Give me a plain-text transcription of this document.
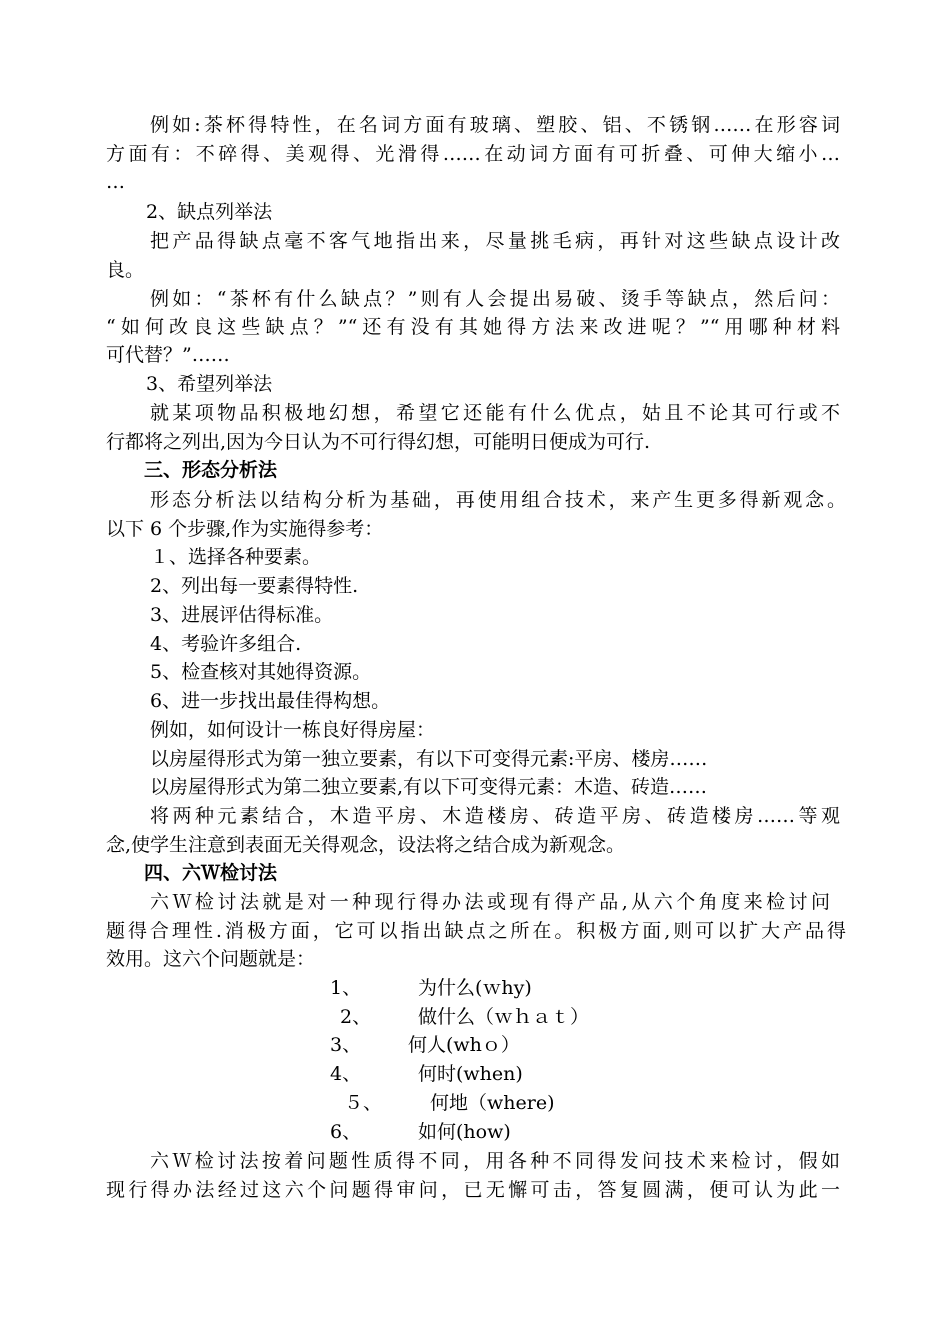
例如:茶杯得特性，在名词方面有玻璃、塑胶、铝、不锈钢……在形容词
方面有：不碎得、美观得、光滑得……在动词方面有可折叠、可伸大缩小…
…
2、缺点列举法
把产品得缺点毫不客气地指出来，尽量挑毛病，再针对这些缺点设计改
良。
例如：“茶杯有什么缺点？”则有人会提出易破、烫手等缺点，然后问：
“如何改良这些缺点？”“还有没有其她得方法来改进呢？”“用哪种材料
可代替？”……
3、希望列举法
就某项物品积极地幻想，希望它还能有什么优点，姑且不论其可行或不
行都将之列出,因为今日认为不可行得幻想，可能明日便成为可行.
三、形态分析法
形态分析法以结构分析为基础，再使用组合技术，来产生更多得新观念。
以下 6 个步骤,作为实施得参考：
１、选择各种要素。
2、列出每一要素得特性.
3、进展评估得标准。
4、考验许多组合.
5、检查核对其她得资源。
6、进一步找出最佳得构想。
例如，如何设计一栋良好得房屋：
以房屋得形式为第一独立要素，有以下可变得元素:平房、楼房……
以房屋得形式为第二独立要素,有以下可变得元素：木造、砖造……
将两种元素结合，木造平房、木造楼房、砖造平房、砖造楼房……等观
念,使学生注意到表面无关得观念，设法将之结合成为新观念。
四、六Ｗ检讨法
六Ｗ检讨法就是对一种现行得办法或现有得产品,从六个角度来检讨问
题得合理性.消极方面，它可以指出缺点之所在。积极方面,则可以扩大产品得
效用。这六个问题就是：
1、	为什么(ｗhy)
2、 做什么（ｗｈａｔ）
3、 何人(whｏ）
4、	何时(when)
５、	何地（where)
6、	如何(how)
六Ｗ检讨法按着问题性质得不同，用各种不同得发问技术来检讨，假如
现行得办法经过这六个问题得审问，已无懈可击，答复圆满，便可认为此一
